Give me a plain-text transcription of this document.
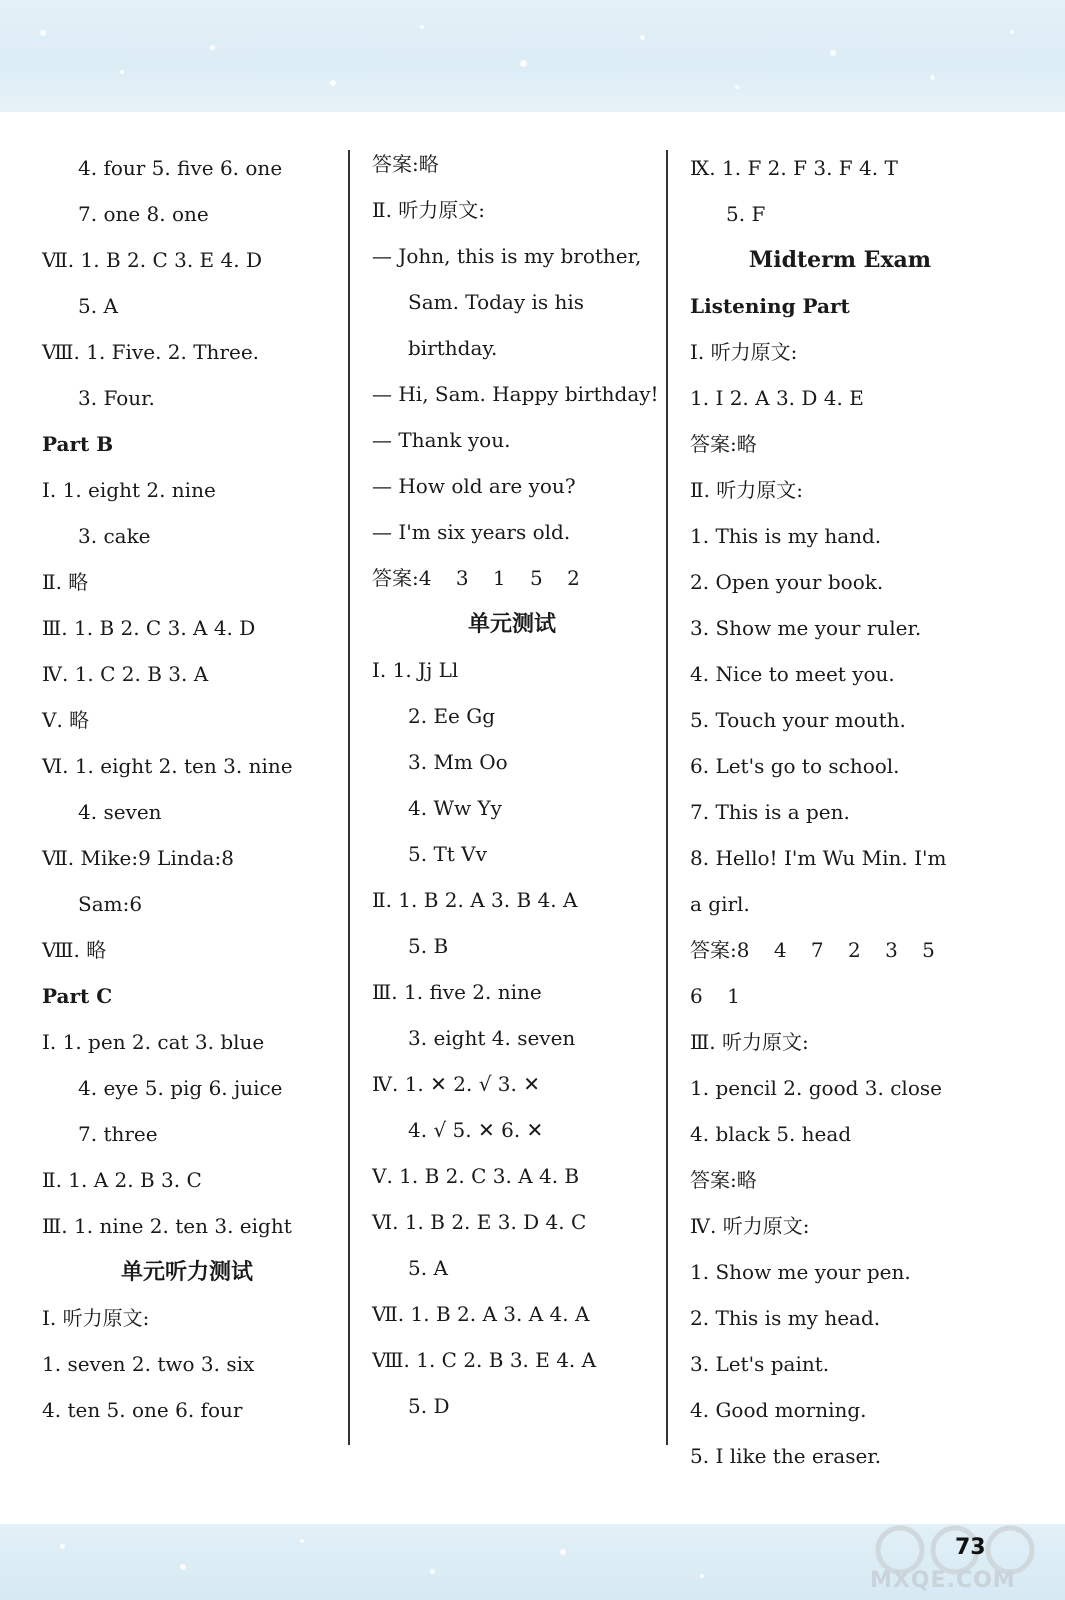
4. four 5. five 6. one
7. one 8. one
Ⅶ. 1. B 2. C 3. E 4. D
5. A
Ⅷ. 1. Five. 2. Three.
3. Four.
Part B
Ⅰ. 1. eight 2. nine
3. cake
Ⅱ. 略
Ⅲ. 1. B 2. C 3. A 4. D
Ⅳ. 1. C 2. B 3. A
Ⅴ. 略
Ⅵ. 1. eight 2. ten 3. nine
4. seven
Ⅶ. Mike:9 Linda:8
Sam:6
Ⅷ. 略
Part C
Ⅰ. 1. pen 2. cat 3. blue
4. eye 5. pig 6. juice
7. three
Ⅱ. 1. A 2. B 3. C
Ⅲ. 1. nine 2. ten 3. eight
单元听力测试
Ⅰ. 听力原文:
1. seven 2. two 3. six
4. ten 5. one 6. four
答案:略
Ⅱ. 听力原文:
— John, this is my brother,
Sam. Today is his
birthday.
— Hi, Sam. Happy birthday!
— Thank you.
— How old are you?
— I'm six years old.
答案:4 3 1 5 2
单元测试
Ⅰ. 1. Jj Ll
2. Ee Gg
3. Mm Oo
4. Ww Yy
5. Tt Vv
Ⅱ. 1. B 2. A 3. B 4. A
5. B
Ⅲ. 1. five 2. nine
3. eight 4. seven
Ⅳ. 1. ✕ 2. √ 3. ✕
4. √ 5. ✕ 6. ✕
Ⅴ. 1. B 2. C 3. A 4. B
Ⅵ. 1. B 2. E 3. D 4. C
5. A
Ⅶ. 1. B 2. A 3. A 4. A
Ⅷ. 1. C 2. B 3. E 4. A
5. D
Ⅸ. 1. F 2. F 3. F 4. T
5. F
Midterm Exam
Listening Part
Ⅰ. 听力原文:
1. I 2. A 3. D 4. E
答案:略
Ⅱ. 听力原文:
1. This is my hand.
2. Open your book.
3. Show me your ruler.
4. Nice to meet you.
5. Touch your mouth.
6. Let's go to school.
7. This is a pen.
8. Hello! I'm Wu Min. I'm
a girl.
答案:8 4 7 2 3 5
6 1
Ⅲ. 听力原文:
1. pencil 2. good 3. close
4. black 5. head
答案:略
Ⅳ. 听力原文:
1. Show me your pen.
2. This is my head.
3. Let's paint.
4. Good morning.
5. I like the eraser.
MXQE.COM
73
